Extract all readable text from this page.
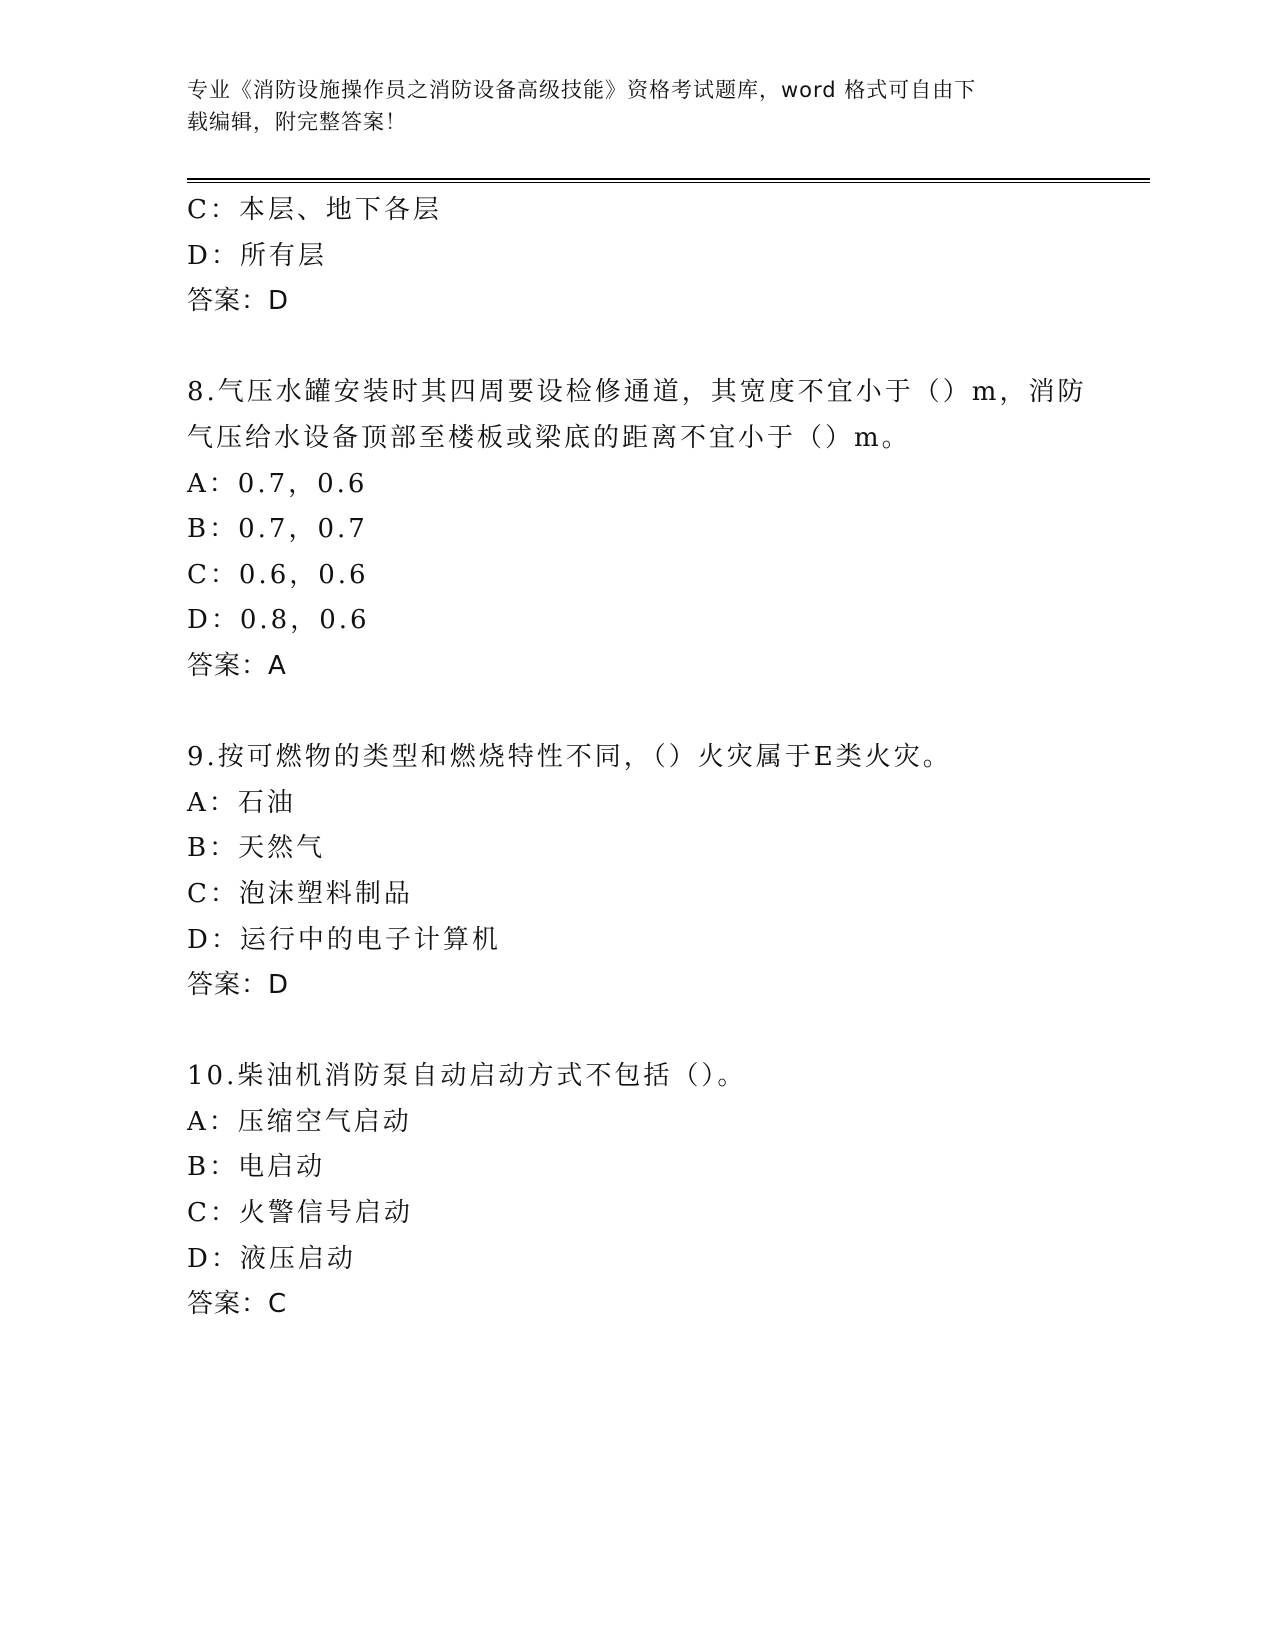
专业《消防设施操作员之消防设备高级技能》资格考试题库，word 格式可自由下
载编辑，附完整答案！
C：本层、地下各层
D：所有层
答案：D
8.气压水罐安装时其四周要设检修通道，其宽度不宜小于（）m，消防
气压给水设备顶部至楼板或梁底的距离不宜小于（）m。
A：0.7，0.6
B：0.7，0.7
C：0.6，0.6
D：0.8，0.6
答案：A
9.按可燃物的类型和燃烧特性不同，（）火灾属于E类火灾。
A：石油
B：天然气
C：泡沫塑料制品
D：运行中的电子计算机
答案：D
10.柴油机消防泵自动启动方式不包括（）。
A：压缩空气启动
B：电启动
C：火警信号启动
D：液压启动
答案：C
